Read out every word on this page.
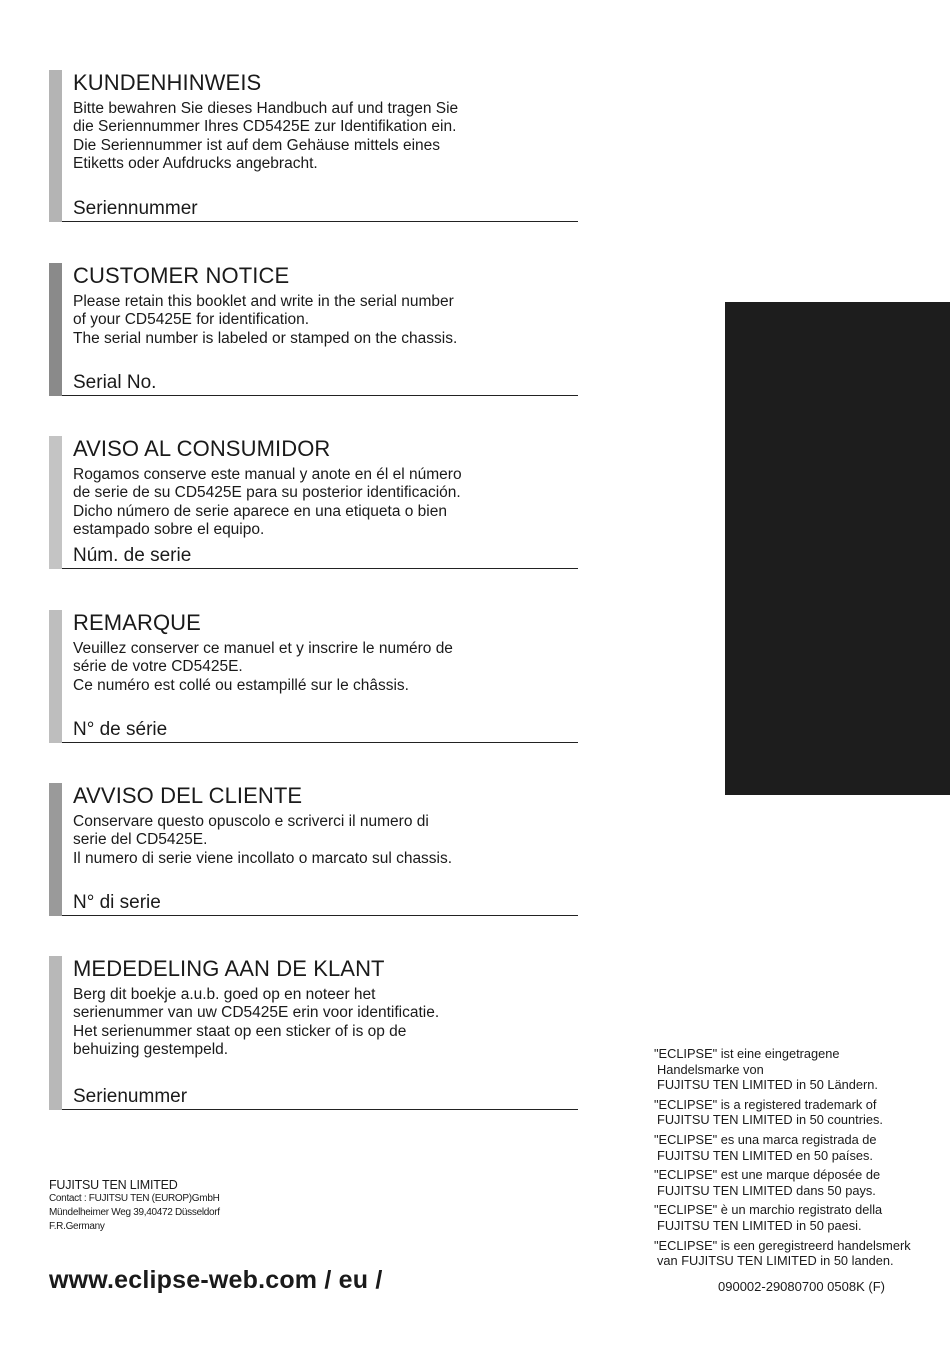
KUNDENHINWEIS
Bitte bewahren Sie dieses Handbuch auf und tragen Sie
die Seriennummer Ihres CD5425E zur Identifikation ein.
Die Seriennummer ist auf dem Gehäuse mittels eines
Etiketts oder Aufdrucks angebracht.
Seriennummer
CUSTOMER NOTICE
Please retain this booklet and write in the serial number
of your CD5425E for identification.
The serial number is labeled or stamped on the chassis.
Serial No.
AVISO AL CONSUMIDOR
Rogamos conserve este manual y anote en él el número
de serie de su CD5425E para su posterior identificación.
Dicho número de serie aparece en una etiqueta o bien
estampado sobre el equipo.
Núm. de serie
REMARQUE
Veuillez conserver ce manuel et y inscrire le numéro de
série de votre CD5425E.
Ce numéro est collé ou estampillé sur le châssis.
N° de série
AVVISO DEL CLIENTE
Conservare questo opuscolo e scriverci il numero di
serie del CD5425E.
Il numero di serie viene incollato o marcato sul chassis.
N° di serie
MEDEDELING AAN DE KLANT
Berg dit boekje a.u.b. goed op en noteer het
serienummer van uw CD5425E erin voor identificatie.
Het serienummer staat op een sticker of is op de
behuizing gestempeld.
Serienummer
"ECLIPSE" ist eine eingetragene
Handelsmarke von
FUJITSU TEN LIMITED in 50 Ländern.
"ECLIPSE" is a registered trademark of
FUJITSU TEN LIMITED in 50 countries.
"ECLIPSE" es una marca registrada de
FUJITSU TEN LIMITED en 50 países.
"ECLIPSE" est une marque déposée de
FUJITSU TEN LIMITED dans 50 pays.
"ECLIPSE" è un marchio registrato della
FUJITSU TEN LIMITED in 50 paesi.
"ECLIPSE" is een geregistreerd handelsmerk
van FUJITSU TEN LIMITED in 50 landen.
FUJITSU TEN LIMITED
Contact : FUJITSU TEN (EUROP)GmbH
Mündelheimer Weg 39,40472 Düsseldorf
F.R.Germany
www.eclipse-web.com / eu /	090002-29080700 0508K (F)
